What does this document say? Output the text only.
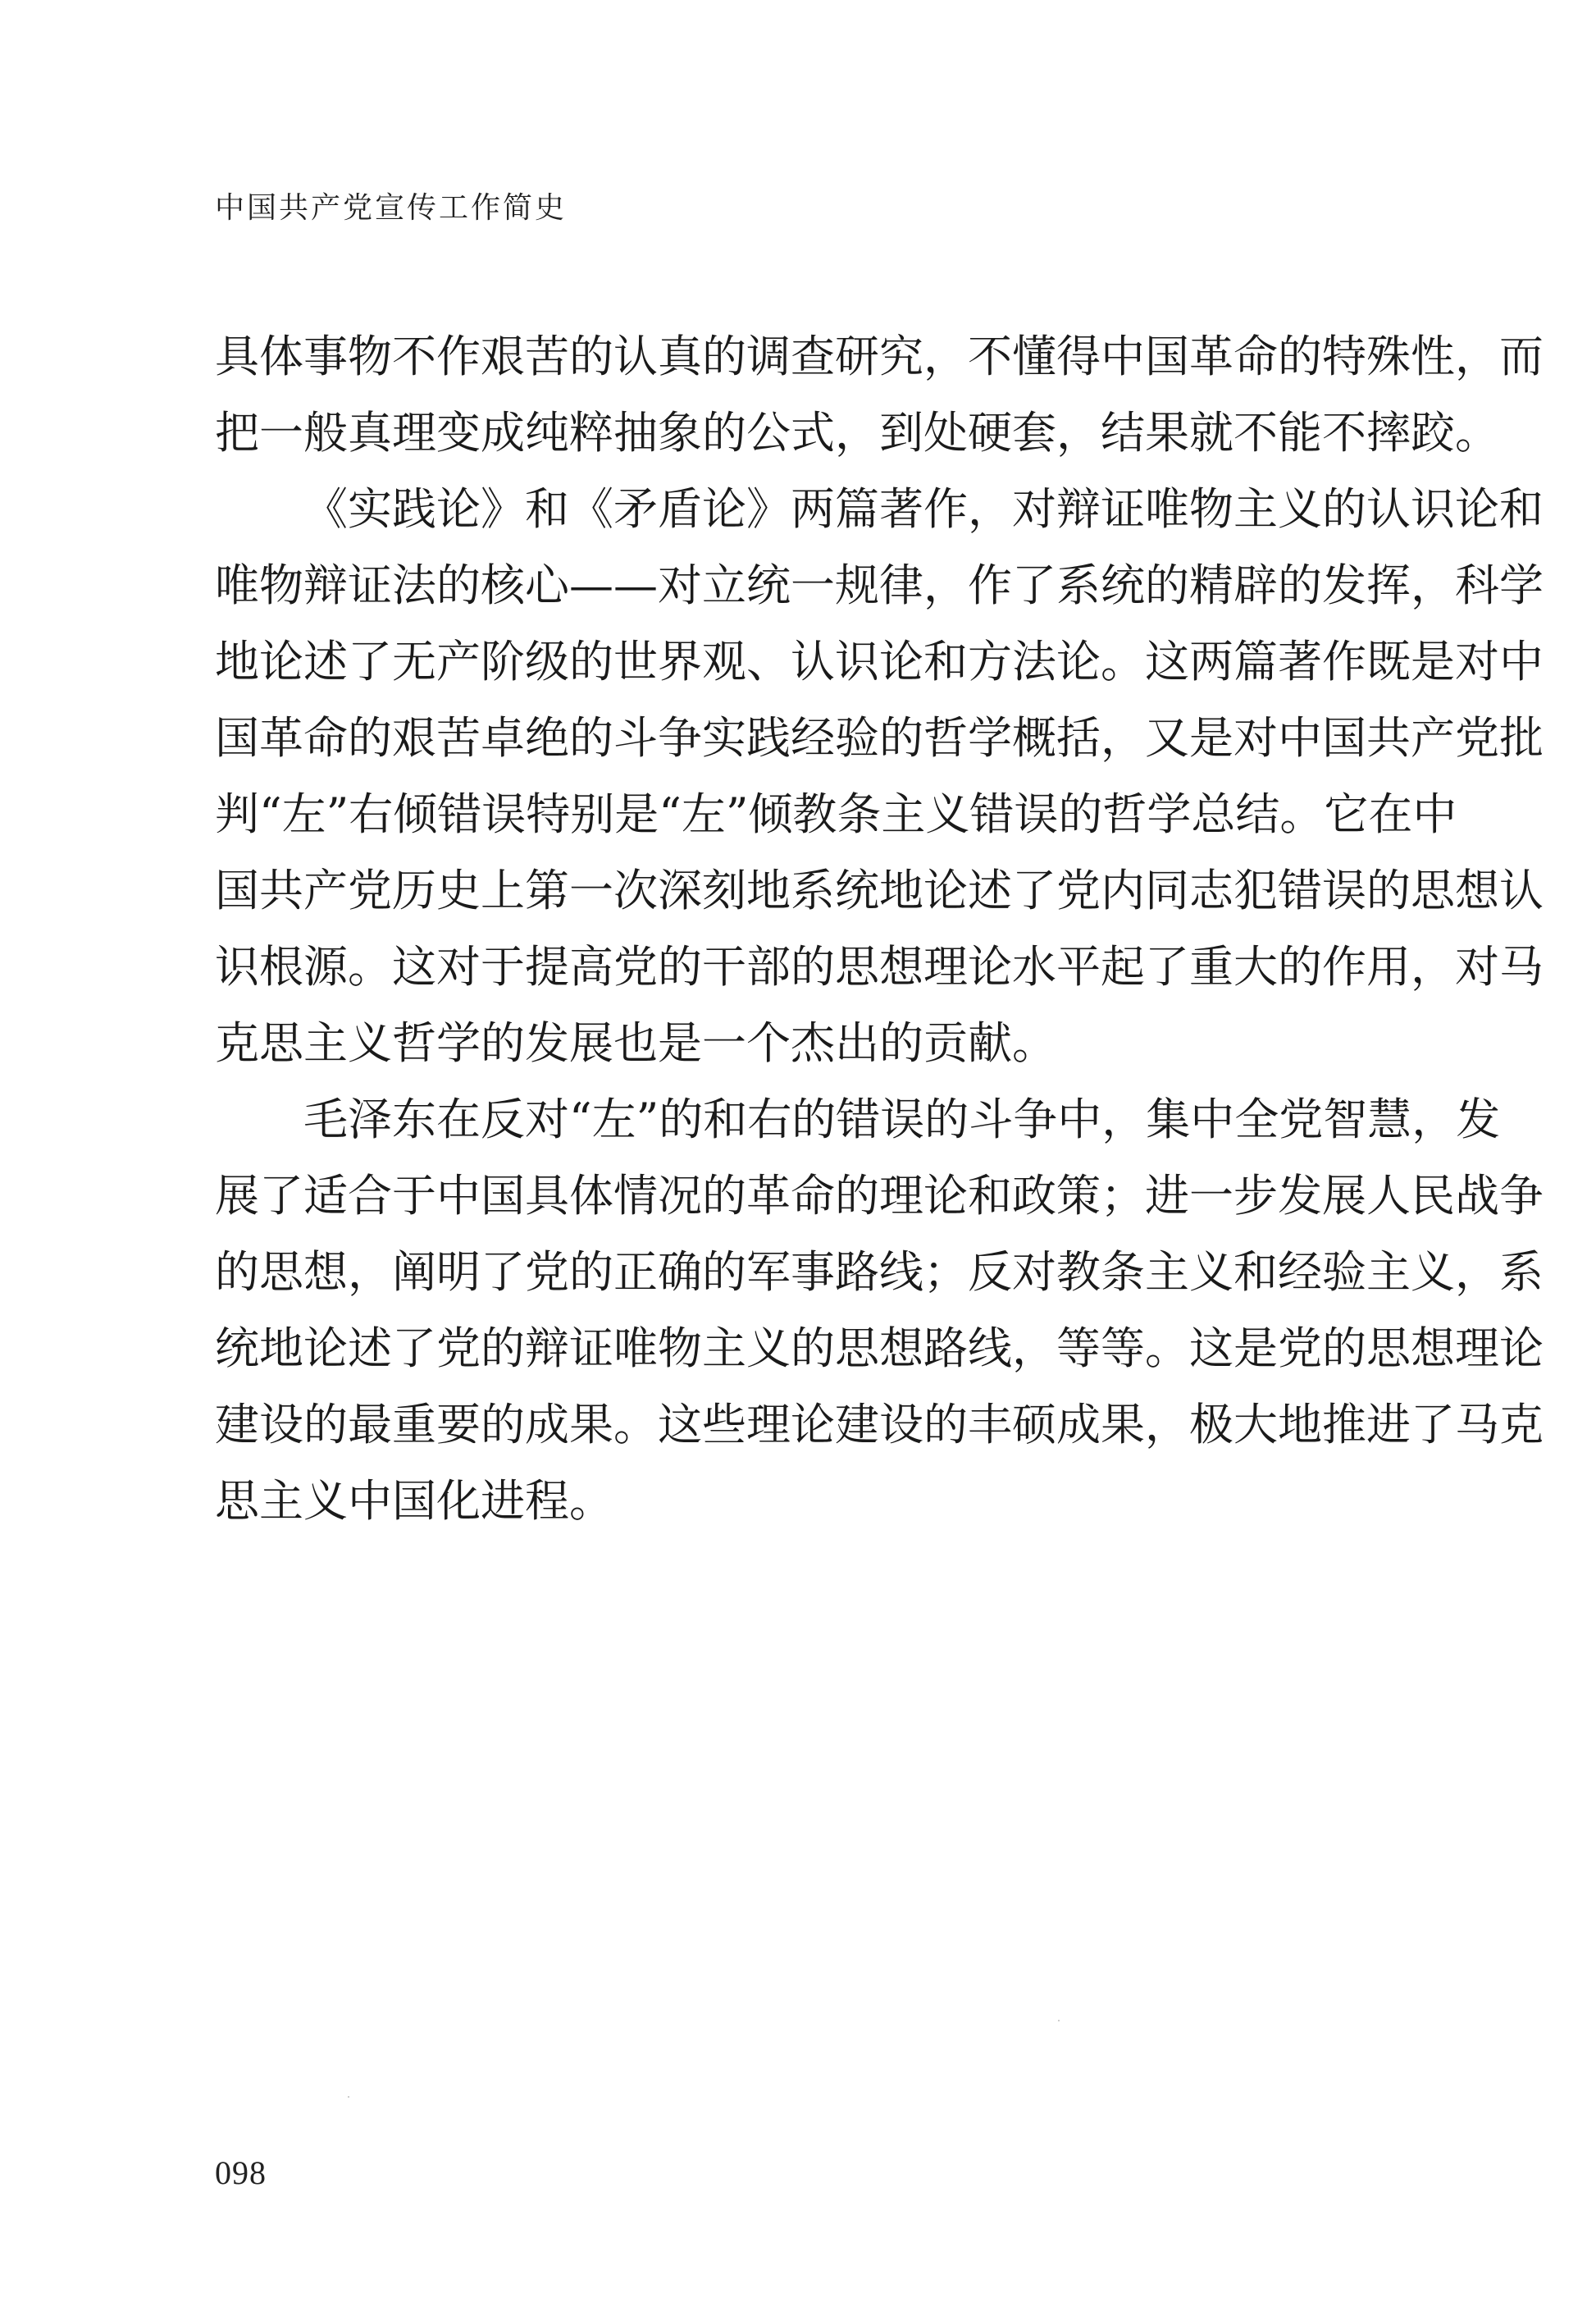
中国共产党宣传工作简史
具体事物不作艰苦的认真的调查研究，不懂得中国革命的特殊性，而
把一般真理变成纯粹抽象的公式，到处硬套，结果就不能不摔跤。
《实践论》和《矛盾论》两篇著作，对辩证唯物主义的认识论和
唯物辩证法的核心——对立统一规律，作了系统的精辟的发挥，科学
地论述了无产阶级的世界观、认识论和方法论。这两篇著作既是对中
国革命的艰苦卓绝的斗争实践经验的哲学概括，又是对中国共产党批
判“左”右倾错误特别是“左”倾教条主义错误的哲学总结。它在中
国共产党历史上第一次深刻地系统地论述了党内同志犯错误的思想认
识根源。这对于提高党的干部的思想理论水平起了重大的作用，对马
克思主义哲学的发展也是一个杰出的贡献。
毛泽东在反对“左”的和右的错误的斗争中，集中全党智慧，发
展了适合于中国具体情况的革命的理论和政策；进一步发展人民战争
的思想，阐明了党的正确的军事路线；反对教条主义和经验主义，系
统地论述了党的辩证唯物主义的思想路线，等等。这是党的思想理论
建设的最重要的成果。这些理论建设的丰硕成果，极大地推进了马克
思主义中国化进程。
098
